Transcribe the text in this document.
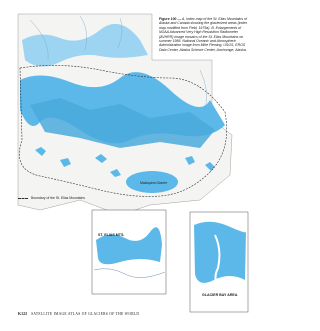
Malaspina Glacier
ST. ELIAS MTS.
GLACIER BAY AREA
Figure 100 — A, Index map of the St. Elias Mountains of Alaska and Canada showing the glacierized areas (index map modified from Field, 1975a). B, Enlargements of NOAA Advanced Very High Resolution Radiometer (AVHRR) image mosaics of the St. Elias Mountains on summer 1986. National Oceanic and Atmospheric Administration image from Mike Fleming, USGS, EROS Data Center, Alaska Science Center, Anchorage, Alaska.
Boundary of the St. Elias Mountains
K122 SATELLITE IMAGE ATLAS OF GLACIERS OF THE WORLD
